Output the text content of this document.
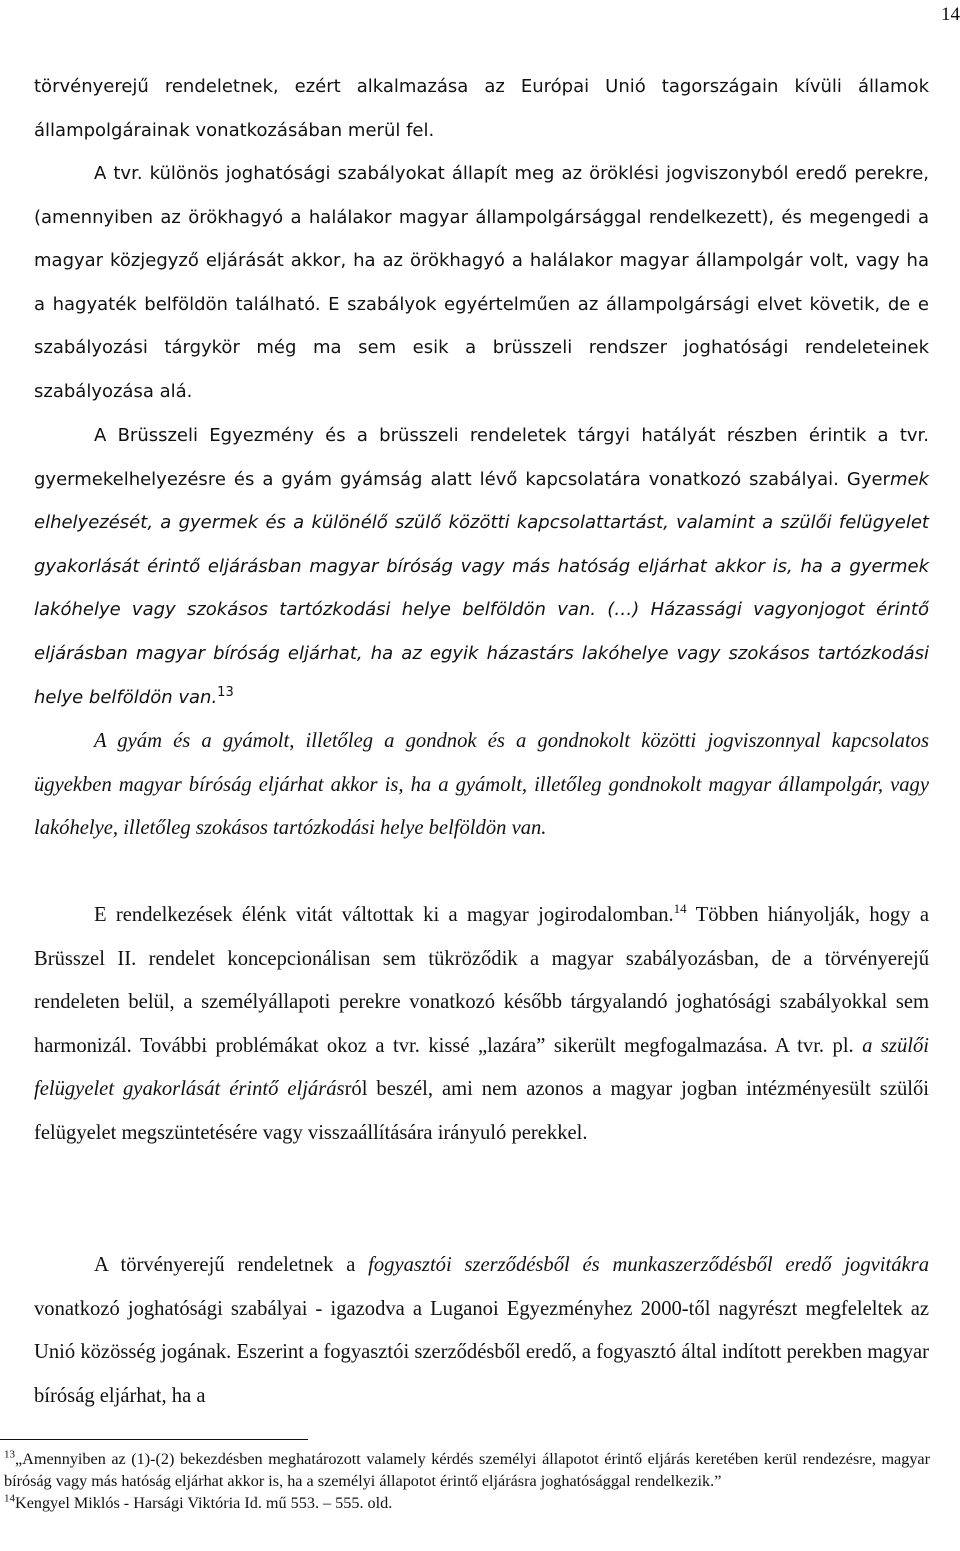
14

törvényerejű rendeletnek, ezért alkalmazása az Európai Unió tagországain kívüli államok állampolgárainak vonatkozásában merül fel.

A tvr. különös joghatósági szabályokat állapít meg az öröklési jogviszonyból eredő perekre, (amennyiben az örökhagyó a halálakor magyar állampolgársággal rendelkezett), és megengedi a magyar közjegyző eljárását akkor, ha az örökhagyó a halálakor magyar állampolgár volt, vagy ha a hagyaték belföldön található. E szabályok egyértelműen az állampolgársági elvet követik, de e szabályozási tárgykör még ma sem esik a brüsszeli rendszer joghatósági rendeleteinek szabályozása alá.

A Brüsszeli Egyezmény és a brüsszeli rendeletek tárgyi hatályát részben érintik a tvr. gyermekelhelyezésre és a gyám gyámság alatt lévő kapcsolatára vonatkozó szabályai. Gyermek elhelyezését, a gyermek és a különélő szülő közötti kapcsolattartást, valamint a szülői felügyelet gyakorlását érintő eljárásban magyar bíróság vagy más hatóság eljárhat akkor is, ha a gyermek lakóhelye vagy szokásos tartózkodási helye belföldön van. (…) Házassági vagyonjogot érintő eljárásban magyar bíróság eljárhat, ha az egyik házastárs lakóhelye vagy szokásos tartózkodási helye belföldön van.$^{13}$

A gyám és a gyámolt, illetőleg a gondnok és a gondnokolt közötti jogviszonnyal kapcsolatos ügyekben magyar bíróság eljárhat akkor is, ha a gyámolt, illetőleg gondnokolt magyar állampolgár, vagy lakóhelye, illetőleg szokásos tartózkodási helye belföldön van.

E rendelkezések élénk vitát váltottak ki a magyar jogirodalomban.$^{14}$ Többen hiányolják, hogy a Brüsszel II. rendelet koncepcionálisan sem tükröződik a magyar szabályozásban, de a törvényerejű rendeleten belül, a személyállapoti perekre vonatkozó később tárgyalandó joghatósági szabályokkal sem harmonizál. További problémákat okoz a tvr. kissé „lazára” sikerült megfogalmazása. A tvr. pl. a szülői felügyelet gyakorlását érintő eljárásról beszél, ami nem azonos a magyar jogban intézményesült szülői felügyelet megszüntetésére vagy visszaállítására irányuló perekkel.

A törvényerejű rendeletnek a fogyasztói szerződésből és munkaszerződésből eredő jogvitákra vonatkozó joghatósági szabályai - igazodva a Luganoi Egyezményhez 2000-től nagyrészt megfeleltek az Unió közösség jogának. Eszerint a fogyasztói szerződésből eredő, a fogyasztó által indított perekben magyar bíróság eljárhat, ha a

$^{13}$„Amennyiben az (1)-(2) bekezdésben meghatározott valamely kérdés személyi állapotot érintő eljárás keretében kerül rendezésre, magyar bíróság vagy más hatóság eljárhat akkor is, ha a személyi állapotot érintő eljárásra joghatósággal rendelkezik.”

$^{14}$Kengyel Miklós - Harsági Viktória Id. mű 553. – 555. old.
